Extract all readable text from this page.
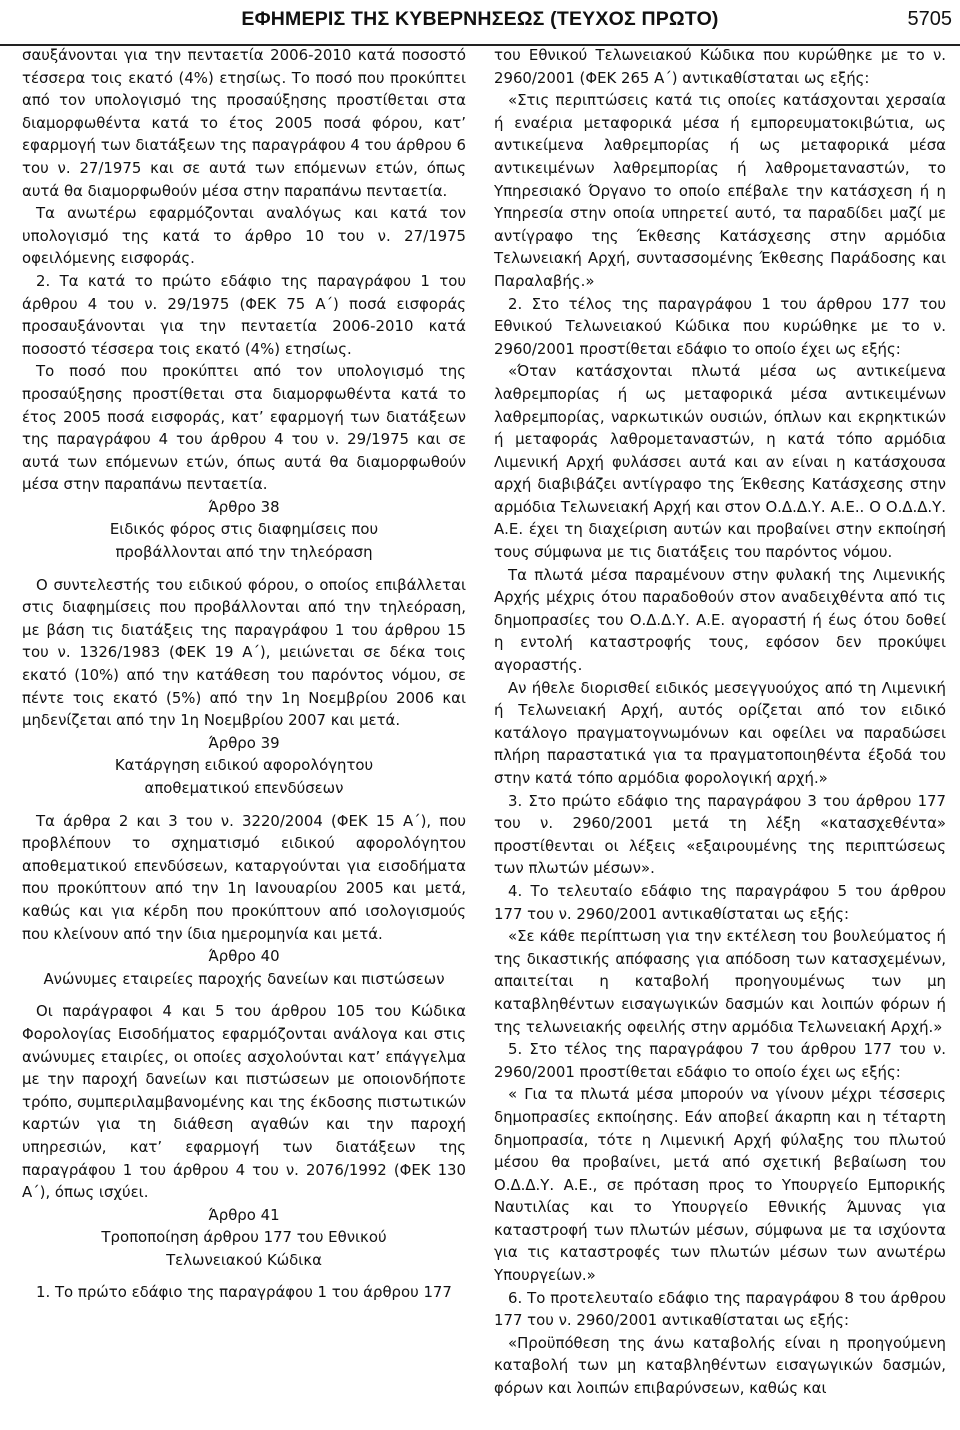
ΕΦΗΜΕΡΙΣ ΤΗΣ ΚΥΒΕΡΝΗΣΕΩΣ (ΤΕΥΧΟΣ ΠΡΩΤΟ)	5705

σαυξάνονται για την πενταετία 2006-2010 κατά ποσοστό τέσσερα τοις εκατό (4%) ετησίως. Το ποσό που προκύπτει από τον υπολογισμό της προσαύξησης προστίθεται στα διαμορφωθέντα κατά το έτος 2005 ποσά φόρου, κατ’ εφαρμογή των διατάξεων της παραγράφου 4 του άρθρου 6 του ν. 27/1975 και σε αυτά των επόμενων ετών, όπως αυτά θα διαμορφωθούν μέσα στην παραπάνω πενταετία.

Τα ανωτέρω εφαρμόζονται αναλόγως και κατά τον υπολογισμό της κατά το άρθρο 10 του ν. 27/1975 οφειλόμενης εισφοράς.

2. Τα κατά το πρώτο εδάφιο της παραγράφου 1 του άρθρου 4 του ν. 29/1975 (ΦΕΚ 75 Α΄) ποσά εισφοράς προσαυξάνονται για την πενταετία 2006-2010 κατά ποσοστό τέσσερα τοις εκατό (4%) ετησίως.

Το ποσό που προκύπτει από τον υπολογισμό της προσαύξησης προστίθεται στα διαμορφωθέντα κατά το έτος 2005 ποσά εισφοράς, κατ’ εφαρμογή των διατάξεων της παραγράφου 4 του άρθρου 4 του ν. 29/1975 και σε αυτά των επόμενων ετών, όπως αυτά θα διαμορφωθούν μέσα στην παραπάνω πενταετία.

Άρθρο 38

Ειδικός φόρος στις διαφημίσεις που

προβάλλονται από την τηλεόραση

Ο συντελεστής του ειδικού φόρου, ο οποίος επιβάλλεται στις διαφημίσεις που προβάλλονται από την τηλεόραση, με βάση τις διατάξεις της παραγράφου 1 του άρθρου 15 του ν. 1326/1983 (ΦΕΚ 19 Α΄), μειώνεται σε δέκα τοις εκατό (10%) από την κατάθεση του παρόντος νόμου, σε πέντε τοις εκατό (5%) από την 1η Νοεμβρίου 2006 και μηδενίζεται από την 1η Νοεμβρίου 2007 και μετά.

Άρθρο 39

Κατάργηση ειδικού αφορολόγητου

αποθεματικού επενδύσεων

Τα άρθρα 2 και 3 του ν. 3220/2004 (ΦΕΚ 15 Α΄), που προβλέπουν το σχηματισμό ειδικού αφορολόγητου αποθεματικού επενδύσεων, καταργούνται για εισοδήματα που προκύπτουν από την 1η Ιανουαρίου 2005 και μετά, καθώς και για κέρδη που προκύπτουν από ισολογισμούς που κλείνουν από την ίδια ημερομηνία και μετά.

Άρθρο 40

Ανώνυμες εταιρείες παροχής δανείων και πιστώσεων

Οι παράγραφοι 4 και 5 του άρθρου 105 του Κώδικα Φορολογίας Εισοδήματος εφαρμόζονται ανάλογα και στις ανώνυμες εταιρίες, οι οποίες ασχολούνται κατ’ επάγγελμα με την παροχή δανείων και πιστώσεων με οποιονδήποτε τρόπο, συμπεριλαμβανομένης και της έκδοσης πιστωτικών καρτών για τη διάθεση αγαθών και την παροχή υπηρεσιών, κατ’ εφαρμογή των διατάξεων της παραγράφου 1 του άρθρου 4 του ν. 2076/1992 (ΦΕΚ 130 Α΄), όπως ισχύει.

Άρθρο 41

Τροποποίηση άρθρου 177 του Εθνικού

Τελωνειακού Κώδικα

1. Το πρώτο εδάφιο της παραγράφου 1 του άρθρου 177

του Εθνικού Τελωνειακού Κώδικα που κυρώθηκε με το ν. 2960/2001 (ΦΕΚ 265 Α΄) αντικαθίσταται ως εξής:

«Στις περιπτώσεις κατά τις οποίες κατάσχονται χερσαία ή εναέρια μεταφορικά μέσα ή εμπορευματοκιβώτια, ως αντικείμενα λαθρεμπορίας ή ως μεταφορικά μέσα αντικειμένων λαθρεμπορίας ή λαθρομεταναστών, το Υπηρεσιακό Όργανο το οποίο επέβαλε την κατάσχεση ή η Υπηρεσία στην οποία υπηρετεί αυτό, τα παραδίδει μαζί με αντίγραφο της Έκθεσης Κατάσχεσης στην αρμόδια Τελωνειακή Αρχή, συντασσομένης Έκθεσης Παράδοσης και Παραλαβής.»

2. Στο τέλος της παραγράφου 1 του άρθρου 177 του Εθνικού Τελωνειακού Κώδικα που κυρώθηκε με το ν. 2960/2001 προστίθεται εδάφιο το οποίο έχει ως εξής:

«Όταν κατάσχονται πλωτά μέσα ως αντικείμενα λαθρεμπορίας ή ως μεταφορικά μέσα αντικειμένων λαθρεμπορίας, ναρκωτικών ουσιών, όπλων και εκρηκτικών ή μεταφοράς λαθρομεταναστών, η κατά τόπο αρμόδια Λιμενική Αρχή φυλάσσει αυτά και αν είναι η κατάσχουσα αρχή διαβιβάζει αντίγραφο της Έκθεσης Κατάσχεσης στην αρμόδια Τελωνειακή Αρχή και στον Ο.Δ.Δ.Υ. Α.Ε.. Ο Ο.Δ.Δ.Υ. Α.Ε. έχει τη διαχείριση αυτών και προβαίνει στην εκποίησή τους σύμφωνα με τις διατάξεις του παρόντος νόμου.

Τα πλωτά μέσα παραμένουν στην φυλακή της Λιμενικής Αρχής μέχρις ότου παραδοθούν στον αναδειχθέντα από τις δημοπρασίες του Ο.Δ.Δ.Υ. Α.Ε. αγοραστή ή έως ότου δοθεί η εντολή καταστροφής τους, εφόσον δεν προκύψει αγοραστής.

Αν ήθελε διορισθεί ειδικός μεσεγγυούχος από τη Λιμενική ή Τελωνειακή Αρχή, αυτός ορίζεται από τον ειδικό κατάλογο πραγματογνωμόνων και οφείλει να παραδώσει πλήρη παραστατικά για τα πραγματοποιηθέντα έξοδά του στην κατά τόπο αρμόδια φορολογική αρχή.»

3. Στο πρώτο εδάφιο της παραγράφου 3 του άρθρου 177 του ν. 2960/2001 μετά τη λέξη «κατασχεθέντα» προστίθενται οι λέξεις «εξαιρουμένης της περιπτώσεως των πλωτών μέσων».

4. Το τελευταίο εδάφιο της παραγράφου 5 του άρθρου 177 του ν. 2960/2001 αντικαθίσταται ως εξής:

«Σε κάθε περίπτωση για την εκτέλεση του βουλεύματος ή της δικαστικής απόφασης για απόδοση των κατασχεμένων, απαιτείται η καταβολή προηγουμένως των μη καταβληθέντων εισαγωγικών δασμών και λοιπών φόρων ή της τελωνειακής οφειλής στην αρμόδια Τελωνειακή Αρχή.»

5. Στο τέλος της παραγράφου 7 του άρθρου 177 του ν. 2960/2001 προστίθεται εδάφιο το οποίο έχει ως εξής:

« Για τα πλωτά μέσα μπορούν να γίνουν μέχρι τέσσερις δημοπρασίες εκποίησης. Εάν αποβεί άκαρπη και η τέταρτη δημοπρασία, τότε η Λιμενική Αρχή φύλαξης του πλωτού μέσου θα προβαίνει, μετά από σχετική βεβαίωση του Ο.Δ.Δ.Υ. Α.Ε., σε πρόταση προς το Υπουργείο Εμπορικής Ναυτιλίας και το Υπουργείο Εθνικής Άμυνας για καταστροφή των πλωτών μέσων, σύμφωνα με τα ισχύοντα για τις καταστροφές των πλωτών μέσων των ανωτέρω Υπουργείων.»

6. Το προτελευταίο εδάφιο της παραγράφου 8 του άρθρου 177 του ν. 2960/2001 αντικαθίσταται ως εξής:

«Προϋπόθεση της άνω καταβολής είναι η προηγούμενη καταβολή των μη καταβληθέντων εισαγωγικών δασμών, φόρων και λοιπών επιβαρύνσεων, καθώς και
